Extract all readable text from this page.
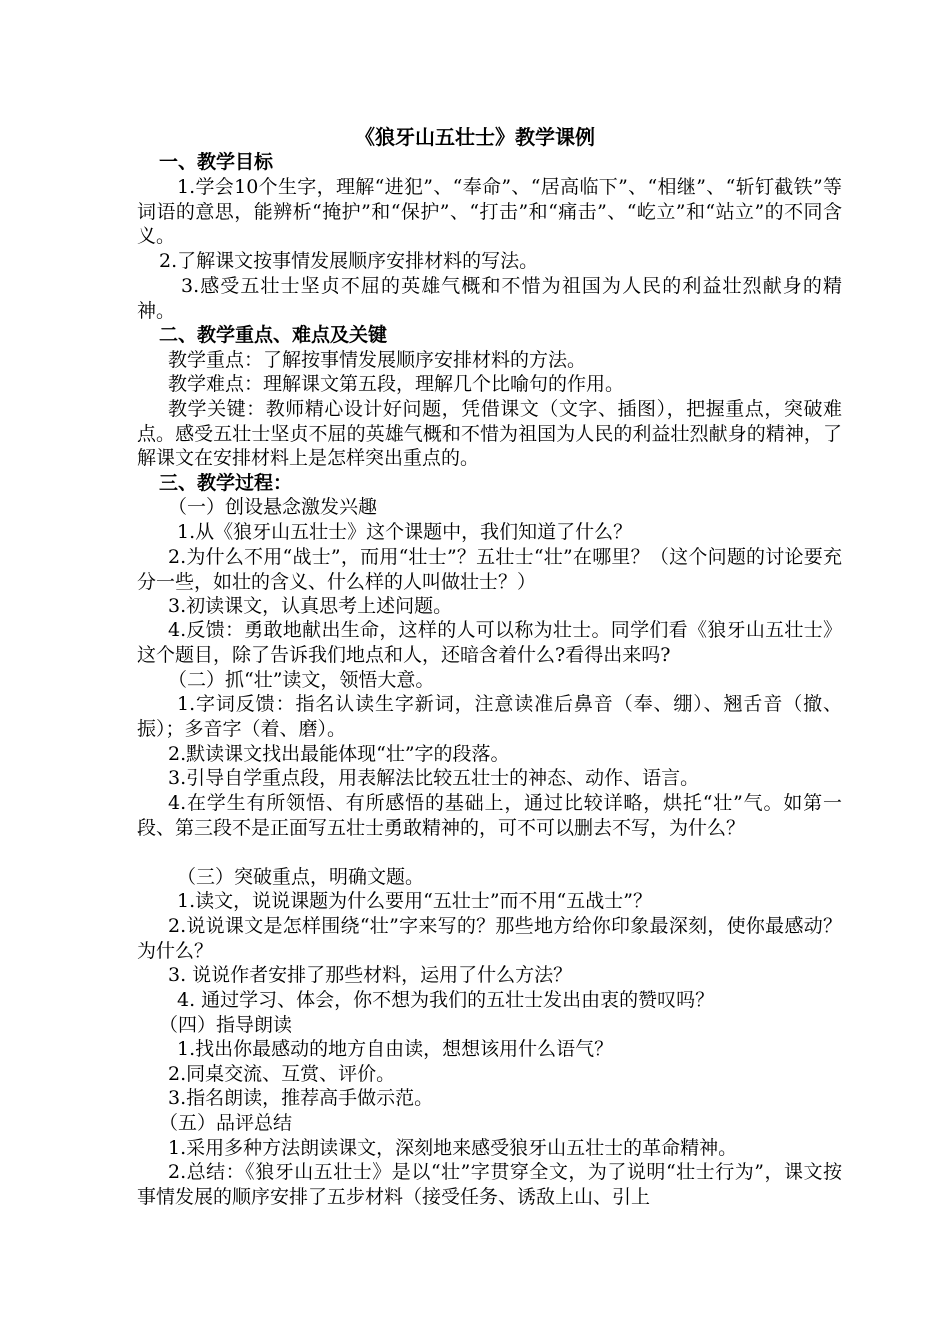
《狼牙山五壮士》教学课例
一、教学目标
1.学会10个生字，理解“进犯”、“奉命”、“居高临下”、“相继”、“斩钉截铁”等词语的意思，能辨析“掩护”和“保护”、“打击”和“痛击”、“屹立”和“站立”的不同含义。
2.了解课文按事情发展顺序安排材料的写法。
3.感受五壮士坚贞不屈的英雄气概和不惜为祖国为人民的利益壮烈献身的精神。
二、教学重点、难点及关键
教学重点：了解按事情发展顺序安排材料的方法。
教学难点：理解课文第五段，理解几个比喻句的作用。
教学关键：教师精心设计好问题，凭借课文（文字、插图），把握重点，突破难点。感受五壮士坚贞不屈的英雄气概和不惜为祖国为人民的利益壮烈献身的精神，了解课文在安排材料上是怎样突出重点的。
三、教学过程：
（一）创设悬念激发兴趣
1.从《狼牙山五壮士》这个课题中，我们知道了什么？
2.为什么不用“战士”，而用“壮士”？五壮士“壮”在哪里？（这个问题的讨论要充分一些，如壮的含义、什么样的人叫做壮士？）
3.初读课文，认真思考上述问题。
4.反馈：勇敢地献出生命，这样的人可以称为壮士。同学们看《狼牙山五壮士》这个题目，除了告诉我们地点和人，还暗含着什么?看得出来吗?
（二）抓“壮”读文，领悟大意。
1.字词反馈：指名认读生字新词，注意读准后鼻音（奉、绷）、翘舌音（撤、振）；多音字（着、磨）。
2.默读课文找出最能体现“壮”字的段落。
3.引导自学重点段，用表解法比较五壮士的神态、动作、语言。
4.在学生有所领悟、有所感悟的基础上，通过比较详略，烘托“壮”气。如第一段、第三段不是正面写五壮士勇敢精神的，可不可以删去不写，为什么？
（三）突破重点，明确文题。
1.读文，说说课题为什么要用“五壮士”而不用“五战士”？
2.说说课文是怎样围绕“壮”字来写的？那些地方给你印象最深刻，使你最感动？为什么？
3. 说说作者安排了那些材料，运用了什么方法？
4. 通过学习、体会，你不想为我们的五壮士发出由衷的赞叹吗？
（四）指导朗读
1.找出你最感动的地方自由读，想想该用什么语气？
2.同桌交流、互赏、评价。
3.指名朗读，推荐高手做示范。
（五）品评总结
1.采用多种方法朗读课文，深刻地来感受狼牙山五壮士的革命精神。
2.总结：《狼牙山五壮士》是以“壮”字贯穿全文，为了说明“壮士行为”，课文按事情发展的顺序安排了五步材料（接受任务、诱敌上山、引上
